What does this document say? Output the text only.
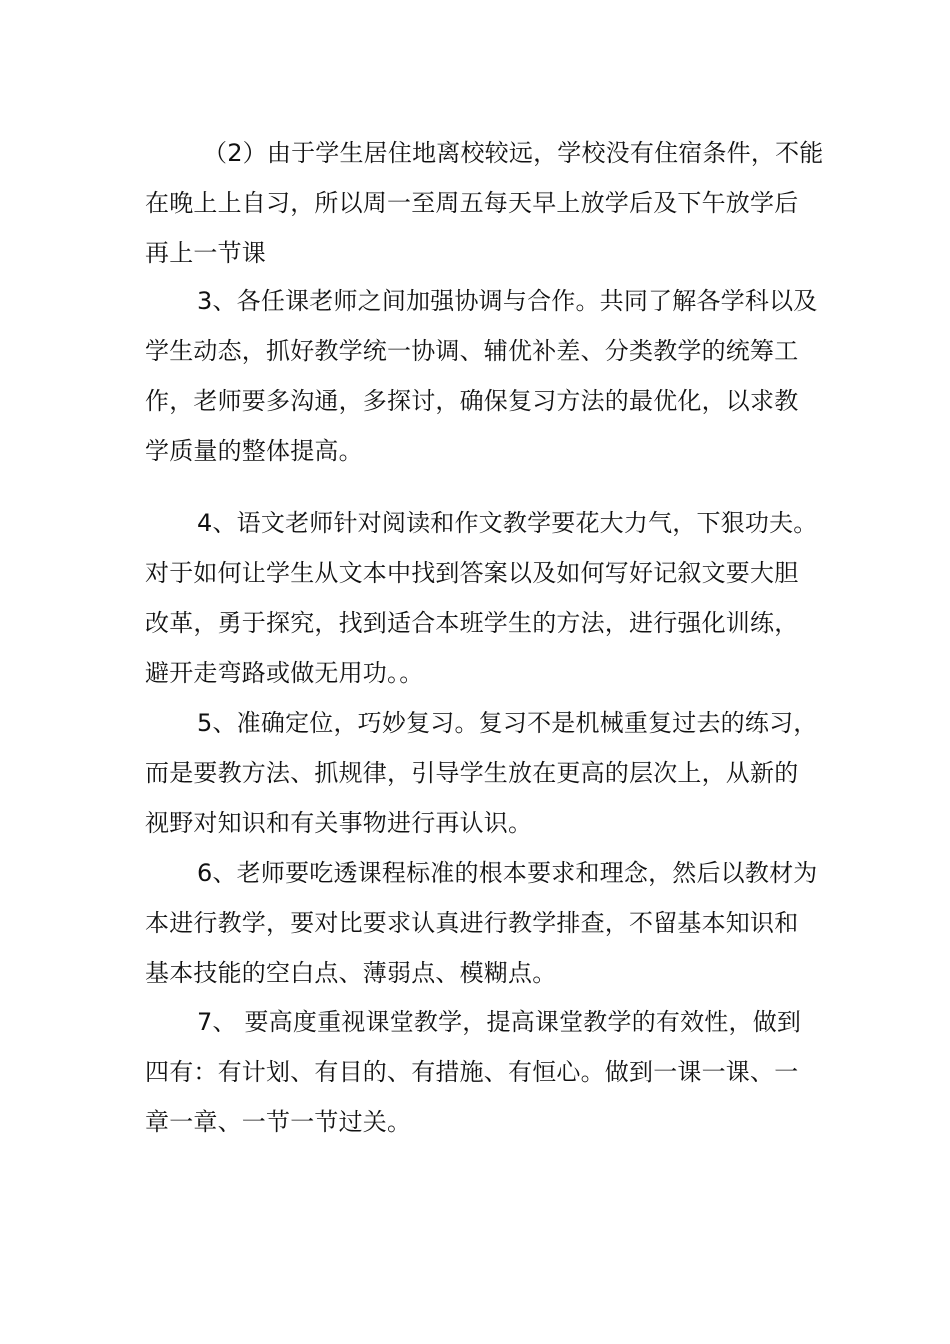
（2）由于学生居住地离校较远，学校没有住宿条件，不能
在晚上上自习，所以周一至周五每天早上放学后及下午放学后
再上一节课
3、各任课老师之间加强协调与合作。共同了解各学科以及
学生动态，抓好教学统一协调、辅优补差、分类教学的统筹工
作，老师要多沟通，多探讨，确保复习方法的最优化，以求教
学质量的整体提高。
4、语文老师针对阅读和作文教学要花大力气，下狠功夫。
对于如何让学生从文本中找到答案以及如何写好记叙文要大胆
改革，勇于探究，找到适合本班学生的方法，进行强化训练，
避开走弯路或做无用功。。
5、准确定位，巧妙复习。复习不是机械重复过去的练习，
而是要教方法、抓规律，引导学生放在更高的层次上，从新的
视野对知识和有关事物进行再认识。
6、老师要吃透课程标准的根本要求和理念，然后以教材为
本进行教学，要对比要求认真进行教学排查，不留基本知识和
基本技能的空白点、薄弱点、模糊点。
7、 要高度重视课堂教学，提高课堂教学的有效性，做到
四有：有计划、有目的、有措施、有恒心。做到一课一课、一
章一章、一节一节过关。
